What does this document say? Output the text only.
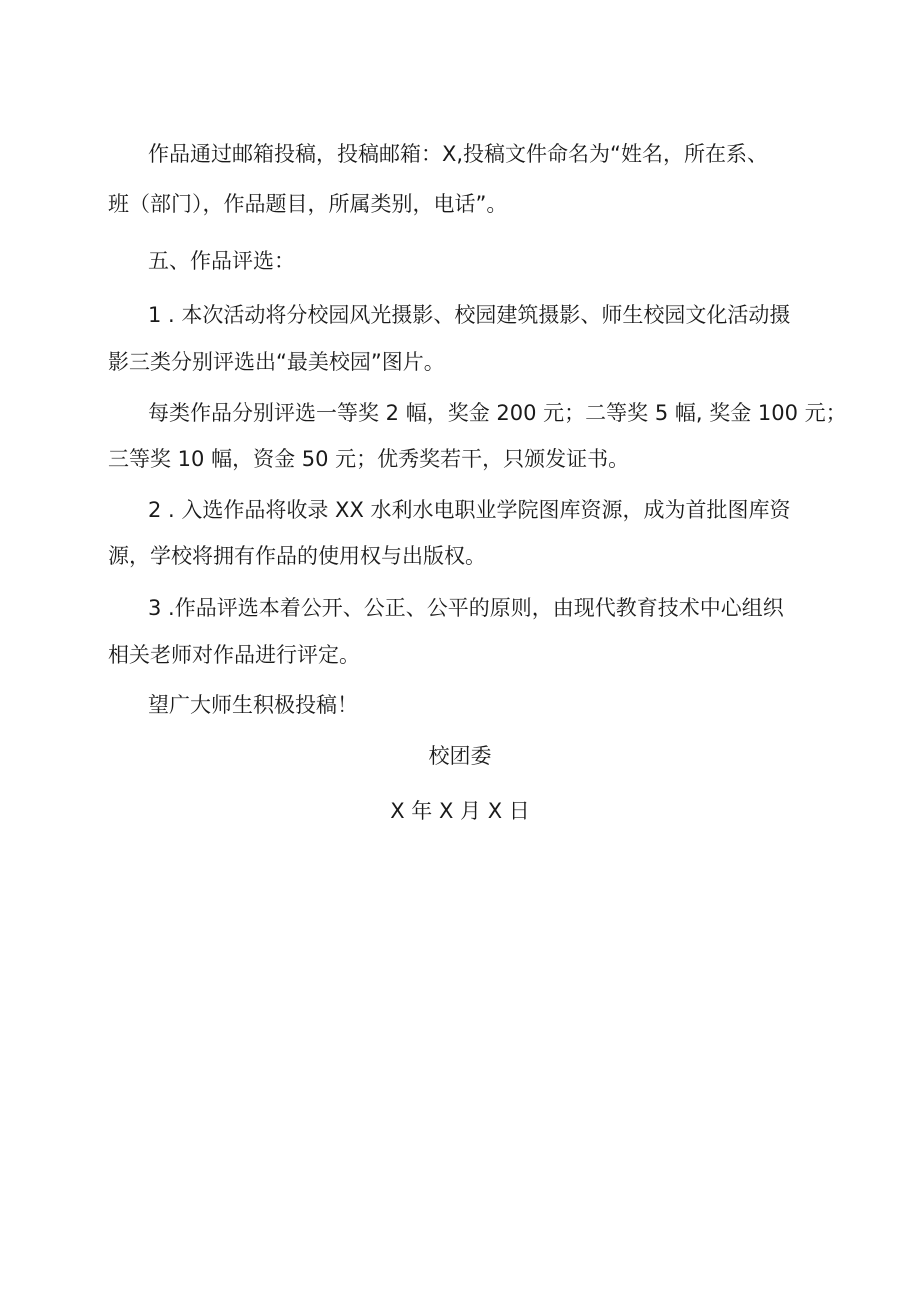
作品通过邮箱投稿，投稿邮箱：X,投稿文件命名为“姓名，所在系、

班（部门），作品题目，所属类别，电话”。

五、作品评选：

1 . 本次活动将分校园风光摄影、校园建筑摄影、师生校园文化活动摄

影三类分别评选出“最美校园”图片。

每类作品分别评选一等奖 2 幅，奖金 200 元；二等奖 5 幅, 奖金 100 元；

三等奖 10 幅，资金 50 元；优秀奖若干，只颁发证书。

2 . 入选作品将收录 XX 水利水电职业学院图库资源，成为首批图库资

源，学校将拥有作品的使用权与出版权。

3 .作品评选本着公开、公正、公平的原则，由现代教育技术中心组织

相关老师对作品进行评定。

望广大师生积极投稿！

校团委

X 年 X 月 X 日
